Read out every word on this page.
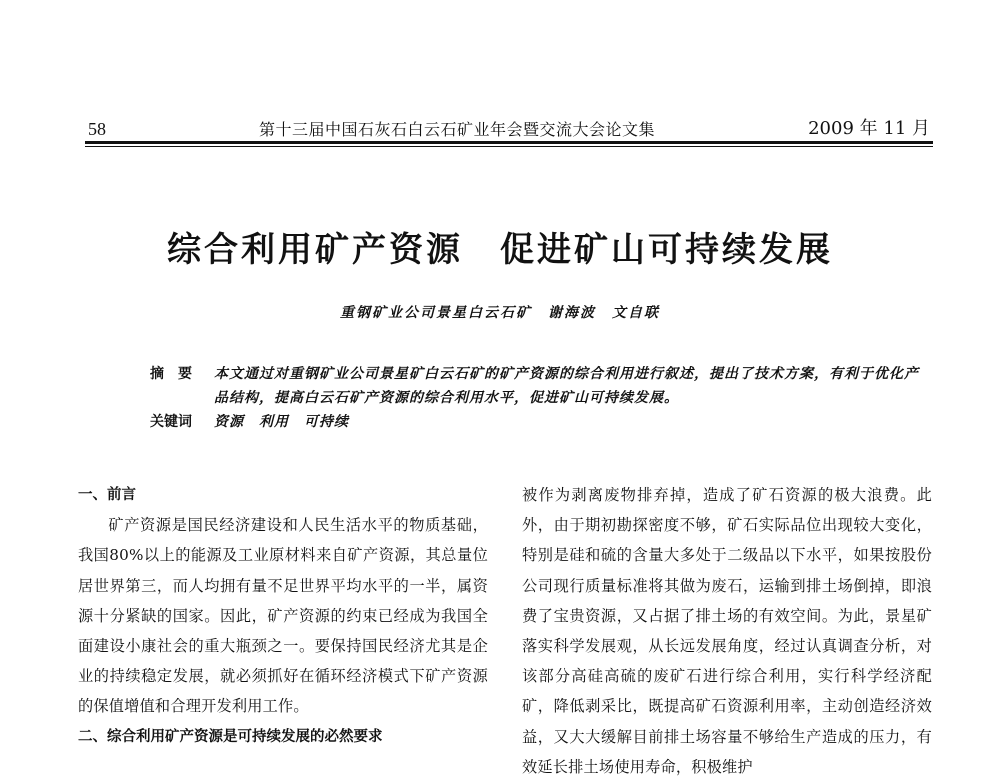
58	第十三届中国石灰石白云石矿业年会暨交流大会论文集	2009 年 11 月
综合利用矿产资源　促进矿山可持续发展
重钢矿业公司景星白云石矿　谢海波　文自联
摘　要	本文通过对重钢矿业公司景星矿白云石矿的矿产资源的综合利用进行叙述，提出了技术方案，有利于优化产品结构，提高白云石矿产资源的综合利用水平，促进矿山可持续发展。
关键词	资源　利用　可持续
一、前言
矿产资源是国民经济建设和人民生活水平的物质基础，我国80%以上的能源及工业原材料来自矿产资源，其总量位居世界第三，而人均拥有量不足世界平均水平的一半，属资源十分紧缺的国家。因此，矿产资源的约束已经成为我国全面建设小康社会的重大瓶颈之一。要保持国民经济尤其是企业的持续稳定发展，就必须抓好在循环经济模式下矿产资源的保值增值和合理开发利用工作。
二、综合利用矿产资源是可持续发展的必然要求
被作为剥离废物排弃掉，造成了矿石资源的极大浪费。此外，由于期初勘探密度不够，矿石实际品位出现较大变化，特别是硅和硫的含量大多处于二级品以下水平，如果按股份公司现行质量标准将其做为废石，运输到排土场倒掉，即浪费了宝贵资源，又占据了排土场的有效空间。为此，景星矿落实科学发展观，从长远发展角度，经过认真调查分析，对该部分高硅高硫的废矿石进行综合利用，实行科学经济配矿，降低剥采比，既提高矿石资源利用率，主动创造经济效益，又大大缓解目前排土场容量不够给生产造成的压力，有效延长排土场使用寿命，积极维护
